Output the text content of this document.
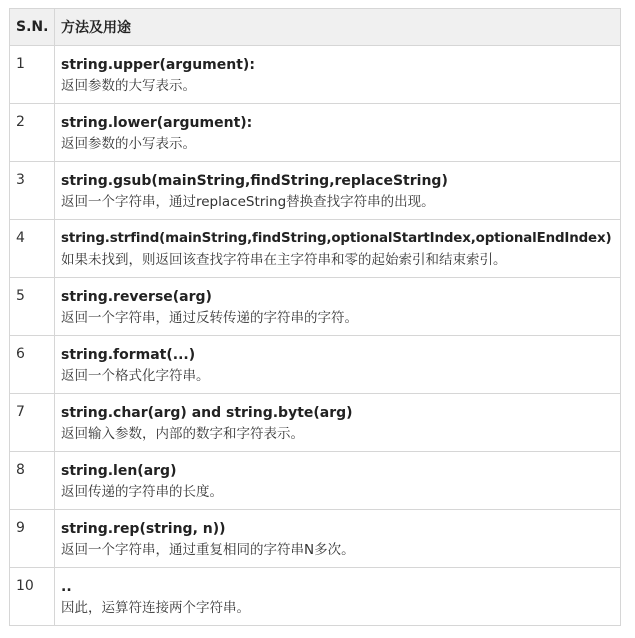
S.N.	方法及用途
1	string.upper(argument):
返回参数的大写表示。

2	string.lower(argument):
返回参数的小写表示。

3	string.gsub(mainString,findString,replaceString)
返回一个字符串，通过replaceString替换查找字符串的出现。

4	string.strfind(mainString,findString,optionalStartIndex,optionalEndIndex)
如果未找到，则返回该查找字符串在主字符串和零的起始索引和结束索引。

5	string.reverse(arg)
返回一个字符串，通过反转传递的字符串的字符。

6	string.format(...)
返回一个格式化字符串。

7	string.char(arg) and string.byte(arg)
返回输入参数，内部的数字和字符表示。

8	string.len(arg)
返回传递的字符串的长度。

9	string.rep(string, n))
返回一个字符串，通过重复相同的字符串N多次。

10	..
因此，运算符连接两个字符串。
